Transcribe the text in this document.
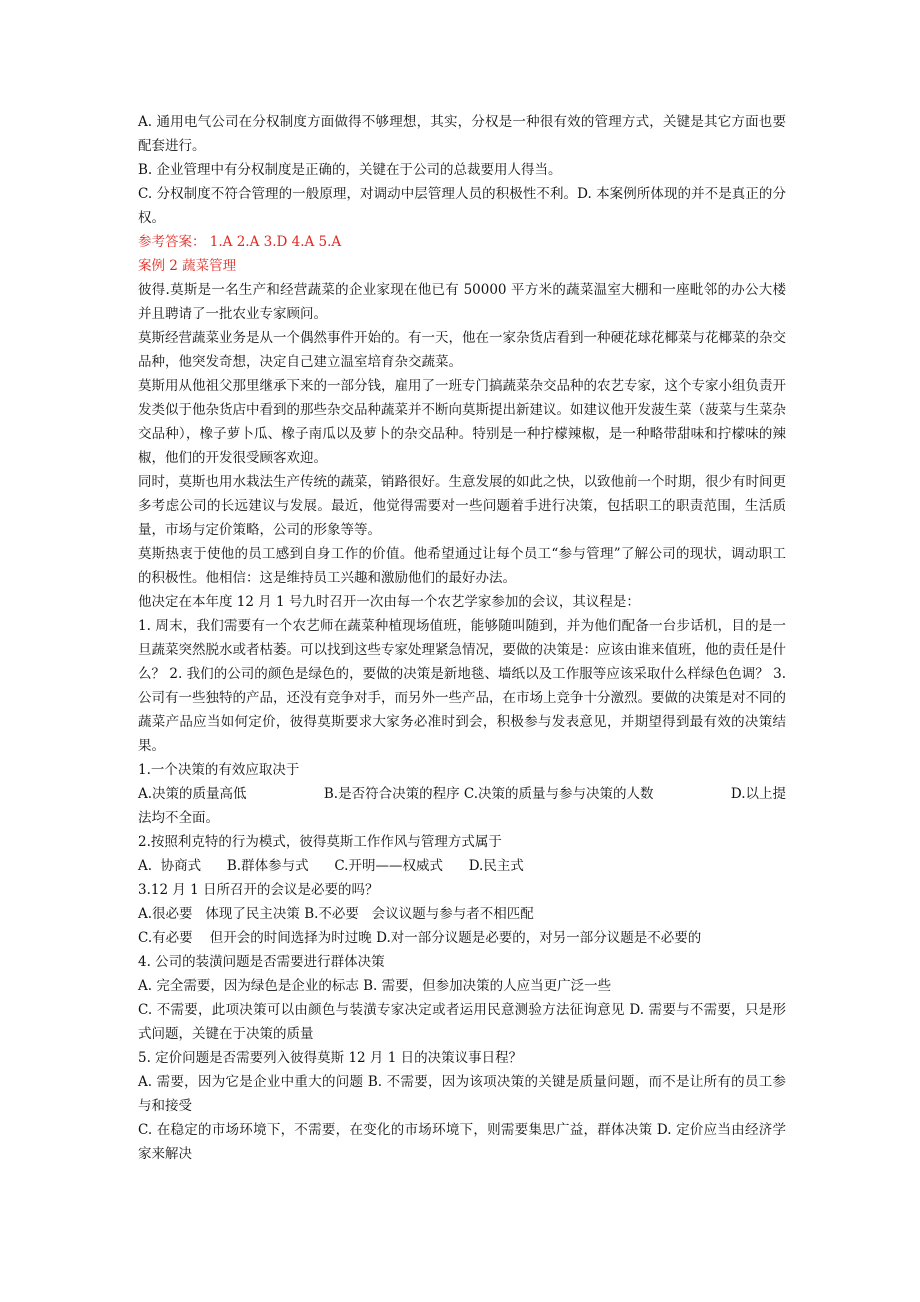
A. 通用电气公司在分权制度方面做得不够理想，其实，分权是一种很有效的管理方式，关键是其它方面也要配套进行。

B. 企业管理中有分权制度是正确的，关键在于公司的总裁要用人得当。

C. 分权制度不符合管理的一般原理，对调动中层管理人员的积极性不利。D. 本案例所体现的并不是真正的分权。

参考答案： 1.A 2.A 3.D 4.A 5.A

案例 2 蔬菜管理

彼得.莫斯是一名生产和经营蔬菜的企业家现在他已有 50000 平方米的蔬菜温室大棚和一座毗邻的办公大楼并且聘请了一批农业专家顾问。

莫斯经营蔬菜业务是从一个偶然事件开始的。有一天，他在一家杂货店看到一种硬花球花椰菜与花椰菜的杂交品种，他突发奇想，决定自己建立温室培育杂交蔬菜。

莫斯用从他祖父那里继承下来的一部分钱，雇用了一班专门搞蔬菜杂交品种的农艺专家，这个专家小组负责开发类似于他杂货店中看到的那些杂交品种蔬菜并不断向莫斯提出新建议。如建议他开发菠生菜（菠菜与生菜杂交品种），橡子萝卜瓜、橡子南瓜以及萝卜的杂交品种。特别是一种拧檬辣椒，是一种略带甜味和拧檬味的辣椒，他们的开发很受顾客欢迎。

同时，莫斯也用水栽法生产传统的蔬菜，销路很好。生意发展的如此之快，以致他前一个时期，很少有时间更多考虑公司的长远建议与发展。最近，他觉得需要对一些问题着手进行决策，包括职工的职责范围，生活质量，市场与定价策略，公司的形象等等。

莫斯热衷于使他的员工感到自身工作的价值。他希望通过让每个员工“参与管理”了解公司的现状，调动职工的积极性。他相信：这是维持员工兴趣和激励他们的最好办法。

他决定在本年度 12 月 1 号九时召开一次由每一个农艺学家参加的会议，其议程是：

1. 周末，我们需要有一个农艺师在蔬菜种植现场值班，能够随叫随到，并为他们配备一台步话机，目的是一旦蔬菜突然脱水或者枯萎。可以找到这些专家处理紧急情况，要做的决策是：应该由谁来值班，他的责任是什么？ 2. 我们的公司的颜色是绿色的，要做的决策是新地毯、墙纸以及工作服等应该采取什么样绿色色调？ 3. 公司有一些独特的产品，还没有竞争对手，而另外一些产品，在市场上竞争十分激烈。要做的决策是对不同的蔬菜产品应当如何定价，彼得莫斯要求大家务必准时到会，积极参与发表意见，并期望得到最有效的决策结果。

1.一个决策的有效应取决于

A.决策的质量高低	B.是否符合决策的程序 C.决策的质量与参与决策的人数	D.以上提

法均不全面。

2.按照利克特的行为模式，彼得莫斯工作作风与管理方式属于

A.  协商式      B.群体参与式      C.开明——权威式      D.民主式

3.12 月 1 日所召开的会议是必要的吗？

A.很必要   体现了民主决策 B.不必要   会议议题与参与者不相匹配

C.有必要    但开会的时间选择为时过晚 D.对一部分议题是必要的，对另一部分议题是不必要的

4. 公司的装潢问题是否需要进行群体决策

A. 完全需要，因为绿色是企业的标志 B. 需要，但参加决策的人应当更广泛一些

C. 不需要，此项决策可以由颜色与装潢专家决定或者运用民意测验方法征询意见 D. 需要与不需要，只是形式问题，关键在于决策的质量

5. 定价问题是否需要列入彼得莫斯 12 月 1 日的决策议事日程？

A. 需要，因为它是企业中重大的问题 B. 不需要，因为该项决策的关键是质量问题，而不是让所有的员工参与和接受

C. 在稳定的市场环境下，不需要，在变化的市场环境下，则需要集思广益，群体决策 D. 定价应当由经济学家来解决
